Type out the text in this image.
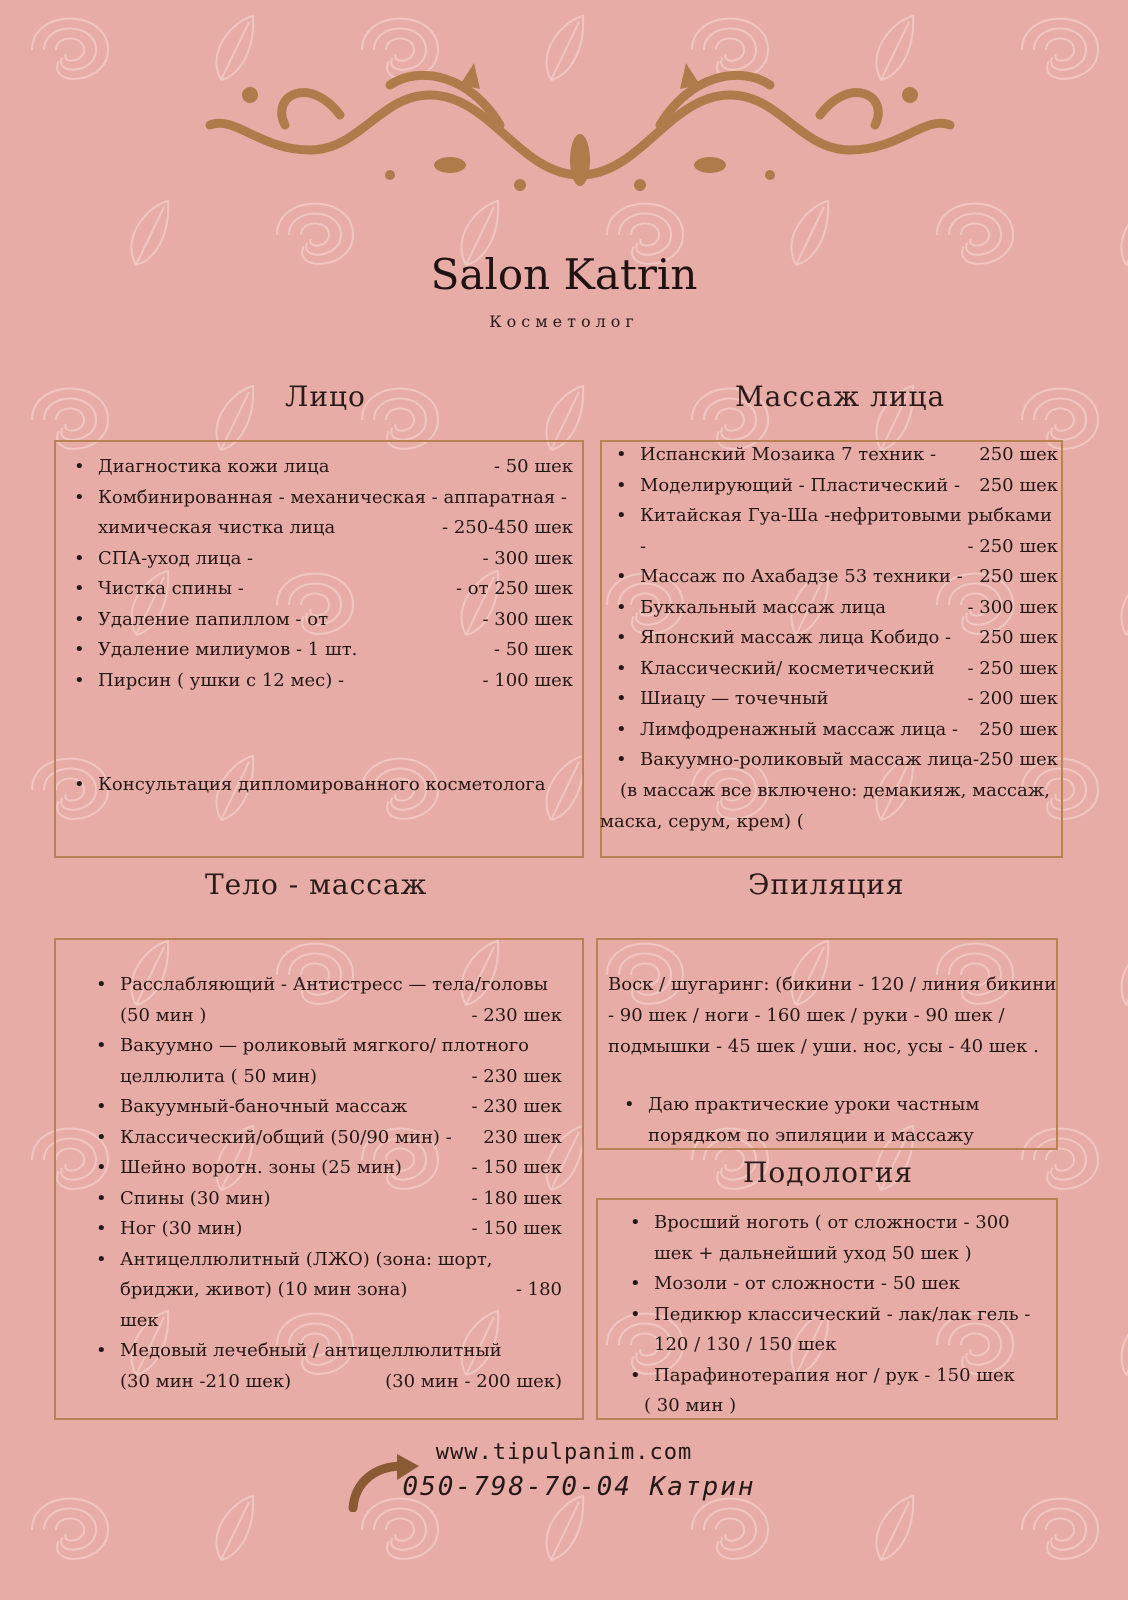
Salon Katrin
Косметолог
Лицо	Массаж лица
Тело - массаж	Эпиляция
Подология
• Диагностика кожи лица	- 50 шек
• Комбинированная - механическая - аппаратная -
химическая чистка лица	- 250-450 шек
• СПА-уход лица -	- 300 шек
• Чистка спины -	- от 250 шек
• Удаление папиллом - от	- 300 шек
• Удаление милиумов - 1 шт.	- 50 шек
• Пирсин ( ушки с 12 мес) -	- 100 шек
• Консультация дипломированного косметолога
• Испанский Мозаика 7 техник - 250 шек
• Моделирующий - Пластический - 250 шек
• Китайская Гуа-Ша -нефритовыми рыбками
-	- 250 шек
• Массаж по Ахабадзе 53 техники - 250 шек
• Буккальный массаж лица	- 300 шек
• Японский массаж лица Кобидо - 250 шек
• Классический/ косметический - 250 шек
• Шиацу — точечный	- 200 шек
• Лимфодренажный массаж лица - 250 шек
• Вакуумно-роликовый массаж лица- 250 шек
(в массаж все включено: демакияж, массаж,
маска, серум, крем) (
• Расслабляющий - Антистресс — тела/головы
(50 мин )	- 230 шек
• Вакуумно — роликовый мягкого/ плотного
целлюлита ( 50 мин)	- 230 шек
• Вакуумный-баночный массаж	- 230 шек
• Классический/общий (50/90 мин) - 230 шек
• Шейно воротн. зоны (25 мин)	- 150 шек
• Спины (30 мин)	- 180 шек
• Ног (30 мин)	- 150 шек
• Антицеллюлитный (ЛЖО) (зона: шорт,
бриджи, живот) (10 мин зона)	- 180
шек
• Медовый лечебный / антицеллюлитный
(30 мин -210 шек)	(30 мин - 200 шек)
Воск / шугаринг: (бикини - 120 / линия бикини
- 90 шек / ноги - 160 шек / руки - 90 шек /
подмышки - 45 шек / уши. нос, усы - 40 шек .
• Даю практические уроки частным
порядком по эпиляции и массажу
• Вросший ноготь ( от сложности - 300
шек + дальнейший уход 50 шек )
• Мозоли - от сложности - 50 шек
• Педикюр классический - лак/лак гель -
120 / 130 / 150 шек
• Парафинотерапия ног / рук - 150 шек
( 30 мин )
www.tipulpanim.com
050-798-70-04 Катрин
